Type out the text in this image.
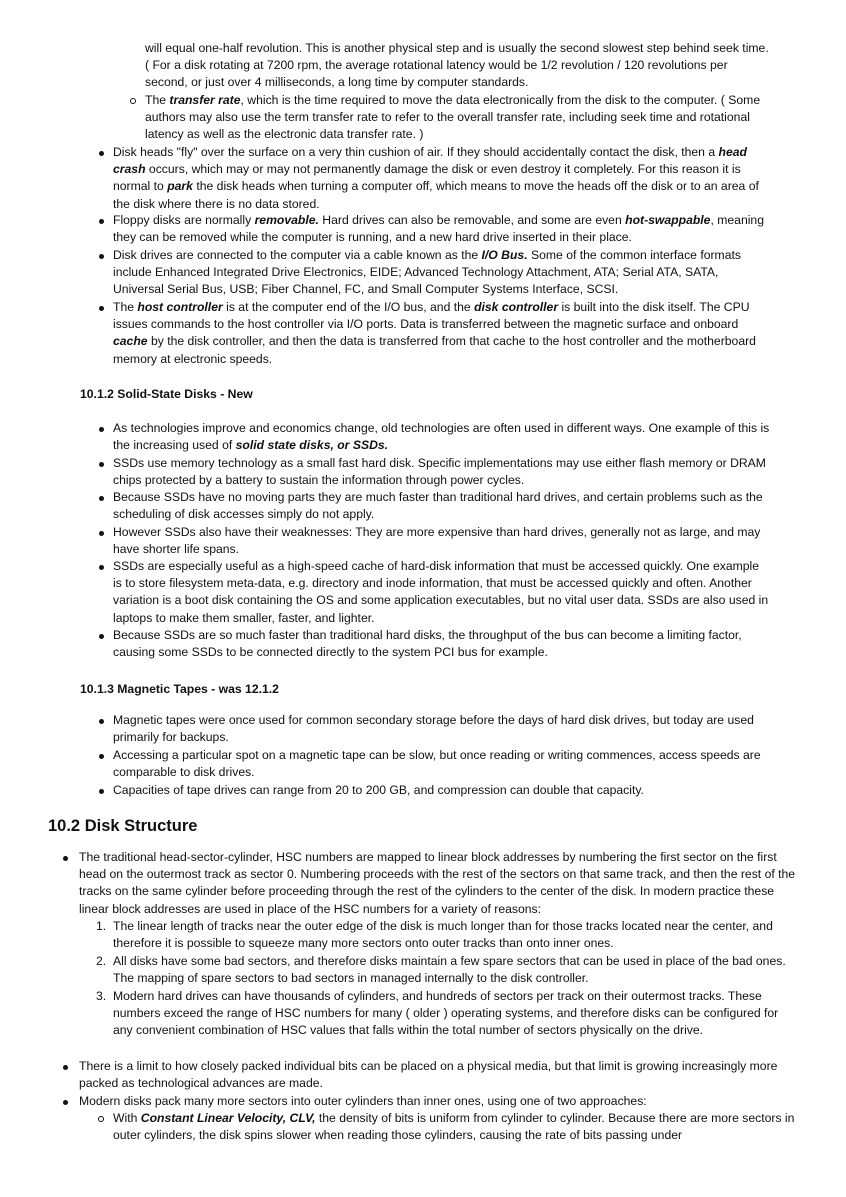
will equal one-half revolution. This is another physical step and is usually the second slowest step behind seek time. ( For a disk rotating at 7200 rpm, the average rotational latency would be 1/2 revolution / 120 revolutions per second, or just over 4 milliseconds, a long time by computer standards.
The transfer rate, which is the time required to move the data electronically from the disk to the computer. ( Some authors may also use the term transfer rate to refer to the overall transfer rate, including seek time and rotational latency as well as the electronic data transfer rate. )
Disk heads "fly" over the surface on a very thin cushion of air. If they should accidentally contact the disk, then a head crash occurs, which may or may not permanently damage the disk or even destroy it completely. For this reason it is normal to park the disk heads when turning a computer off, which means to move the heads off the disk or to an area of the disk where there is no data stored.
Floppy disks are normally removable. Hard drives can also be removable, and some are even hot-swappable, meaning they can be removed while the computer is running, and a new hard drive inserted in their place.
Disk drives are connected to the computer via a cable known as the I/O Bus. Some of the common interface formats include Enhanced Integrated Drive Electronics, EIDE; Advanced Technology Attachment, ATA; Serial ATA, SATA, Universal Serial Bus, USB; Fiber Channel, FC, and Small Computer Systems Interface, SCSI.
The host controller is at the computer end of the I/O bus, and the disk controller is built into the disk itself. The CPU issues commands to the host controller via I/O ports. Data is transferred between the magnetic surface and onboard cache by the disk controller, and then the data is transferred from that cache to the host controller and the motherboard memory at electronic speeds.
10.1.2 Solid-State Disks - New
As technologies improve and economics change, old technologies are often used in different ways. One example of this is the increasing used of solid state disks, or SSDs.
SSDs use memory technology as a small fast hard disk. Specific implementations may use either flash memory or DRAM chips protected by a battery to sustain the information through power cycles.
Because SSDs have no moving parts they are much faster than traditional hard drives, and certain problems such as the scheduling of disk accesses simply do not apply.
However SSDs also have their weaknesses: They are more expensive than hard drives, generally not as large, and may have shorter life spans.
SSDs are especially useful as a high-speed cache of hard-disk information that must be accessed quickly. One example is to store filesystem meta-data, e.g. directory and inode information, that must be accessed quickly and often. Another variation is a boot disk containing the OS and some application executables, but no vital user data. SSDs are also used in laptops to make them smaller, faster, and lighter.
Because SSDs are so much faster than traditional hard disks, the throughput of the bus can become a limiting factor, causing some SSDs to be connected directly to the system PCI bus for example.
10.1.3 Magnetic Tapes - was 12.1.2
Magnetic tapes were once used for common secondary storage before the days of hard disk drives, but today are used primarily for backups.
Accessing a particular spot on a magnetic tape can be slow, but once reading or writing commences, access speeds are comparable to disk drives.
Capacities of tape drives can range from 20 to 200 GB, and compression can double that capacity.
10.2 Disk Structure
The traditional head-sector-cylinder, HSC numbers are mapped to linear block addresses by numbering the first sector on the first head on the outermost track as sector 0. Numbering proceeds with the rest of the sectors on that same track, and then the rest of the tracks on the same cylinder before proceeding through the rest of the cylinders to the center of the disk. In modern practice these linear block addresses are used in place of the HSC numbers for a variety of reasons:
1. The linear length of tracks near the outer edge of the disk is much longer than for those tracks located near the center, and therefore it is possible to squeeze many more sectors onto outer tracks than onto inner ones.
2. All disks have some bad sectors, and therefore disks maintain a few spare sectors that can be used in place of the bad ones. The mapping of spare sectors to bad sectors in managed internally to the disk controller.
3. Modern hard drives can have thousands of cylinders, and hundreds of sectors per track on their outermost tracks. These numbers exceed the range of HSC numbers for many ( older ) operating systems, and therefore disks can be configured for any convenient combination of HSC values that falls within the total number of sectors physically on the drive.
There is a limit to how closely packed individual bits can be placed on a physical media, but that limit is growing increasingly more packed as technological advances are made.
Modern disks pack many more sectors into outer cylinders than inner ones, using one of two approaches:
With Constant Linear Velocity, CLV, the density of bits is uniform from cylinder to cylinder. Because there are more sectors in outer cylinders, the disk spins slower when reading those cylinders, causing the rate of bits passing under
